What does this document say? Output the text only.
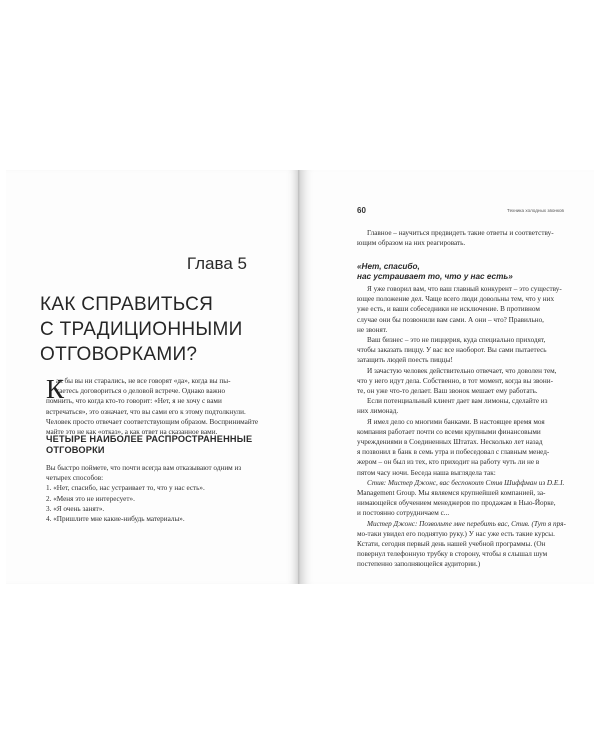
Глава 5
КАК СПРАВИТЬСЯ
С ТРАДИЦИОННЫМИ
ОТГОВОРКАМИ?
К
ак бы вы ни старались, не все говорят «да», когда вы пы-
таетесь договориться о деловой встрече. Однако важно
помнить, что когда кто-то говорит: «Нет, я не хочу с вами
встречаться», это означает, что вы сами его к этому подтолкнули.
Человек просто отвечает соответствующим образом. Воспринимайте
майте это не как «отказ», а как ответ на сказанное вами.
ЧЕТЫРЕ НАИБОЛЕЕ РАСПРОСТРАНЕННЫЕ
ОТГОВОРКИ
Вы быстро поймете, что почти всегда вам отказывают одним из
четырех способов:
1. «Нет, спасибо, нас устраивает то, что у нас есть».
2. «Меня это не интересует».
3. «Я очень занят».
4. «Пришлите мне какие-нибудь материалы».
60	Техника холодных звонков
Главное – научиться предвидеть такие ответы и соответству-
ющим образом на них реагировать.
«Нет, спасибо,
нас устраивает то, что у нас есть»
Я уже говорил вам, что ваш главный конкурент – это существу-
ющее положение дел. Чаще всего люди довольны тем, что у них
уже есть, и ваши собеседники не исключение. В противном
случае они бы позвонили вам сами. А они – что? Правильно,
не звонят.
Ваш бизнес – это не пиццерия, куда специально приходят,
чтобы заказать пиццу. У вас все наоборот. Вы сами пытаетесь
затащить людей поесть пиццы!
И зачастую человек действительно отвечает, что доволен тем,
что у него идут дела. Собственно, в тот момент, когда вы звони-
те, он уже что-то делает. Ваш звонок мешает ему работать.
Если потенциальный клиент дает вам лимоны, сделайте из
них лимонад.
Я имел дело со многими банками. В настоящее время моя
компания работает почти со всеми крупными финансовыми
учреждениями в Соединенных Штатах. Несколько лет назад
я позвонил в банк в семь утра и побеседовал с главным менед-
жером – он был из тех, кто приходит на работу чуть ли не в
пятом часу ночи. Беседа наша выглядела так:
Стив: Мистер Джонс, вас беспокоит Стив Шиффман из D.E.I.
Management Group. Мы являемся крупнейшей компанией, за-
нимающейся обучением менеджеров по продажам в Нью-Йорке,
и постоянно сотрудничаем с...
Мистер Джонс: Позвольте мне перебить вас, Стив. (Тут я пря-
мо-таки увидел его поднятую руку.) У нас уже есть такие курсы.
Кстати, сегодня первый день нашей учебной программы. (Он
повернул телефонную трубку в сторону, чтобы я слышал шум
постепенно заполняющейся аудитории.)
